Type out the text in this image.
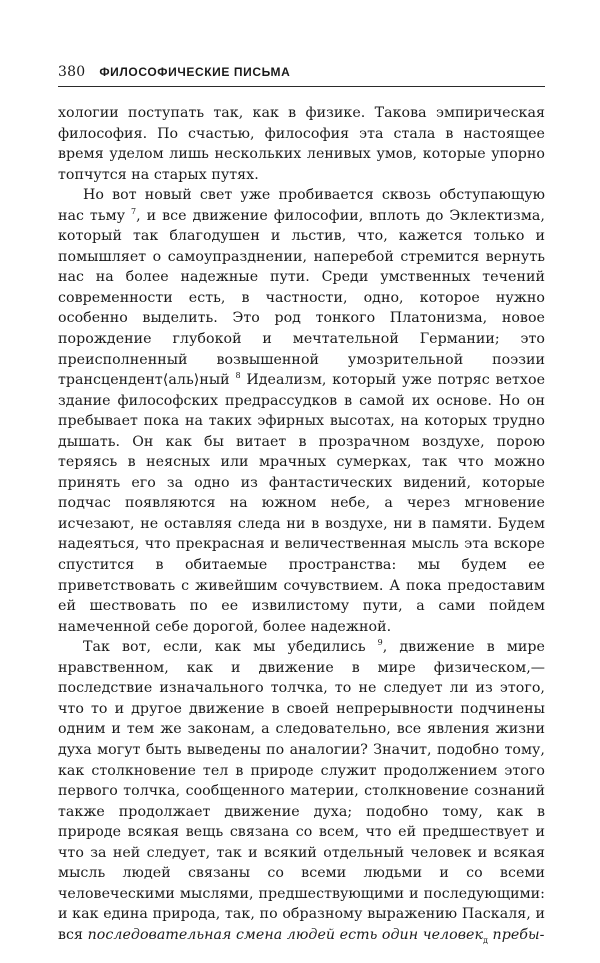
380 ФИЛОСОФИЧЕСКИЕ ПИСЬМА

хологии поступать так, как в физике. Такова эмпирическая философия. По счастью, философия эта стала в настоящее время уделом лишь нескольких ленивых умов, которые упорно топчутся на старых путях.

Но вот новый свет уже пробивается сквозь обступающую нас тьму $^7$, и все движение философии, вплоть до Эклектизма, который так благодушен и льстив, что, кажется только и помышляет о самоупразднении, наперебой стремится вернуть нас на более надежные пути. Среди умственных течений современности есть, в частности, одно, которое нужно особенно выделить. Это род тонкого Платонизма, новое порождение глубокой и мечтательной Германии; это преисполненный возвышенной умозрительной поэзии трансцендент⟨аль⟩ный $^8$ Идеализм, который уже потряс ветхое здание философских предрассудков в самой их основе. Но он пребывает пока на таких эфирных высотах, на которых трудно дышать. Он как бы витает в прозрачном воздухе, порою теряясь в неясных или мрачных сумерках, так что можно принять его за одно из фантастических видений, которые подчас появляются на южном небе, а через мгновение исчезают, не оставляя следа ни в воздухе, ни в памяти. Будем надеяться, что прекрасная и величественная мысль эта вскоре спустится в обитаемые пространства: мы будем ее приветствовать с живейшим сочувствием. А пока предоставим ей шествовать по ее извилистому пути, а сами пойдем намеченной себе дорогой, более надежной.

Так вот, если, как мы убедились $^9$, движение в мире нравственном, как и движение в мире физическом,— последствие изначального толчка, то не следует ли из этого, что то и другое движение в своей непрерывности подчинены одним и тем же законам, а следовательно, все явления жизни духа могут быть выведены по аналогии? Значит, подобно тому, как столкновение тел в природе служит продолжением этого первого толчка, сообщенного материи, столкновение сознаний также продолжает движение духа; подобно тому, как в природе всякая вещь связана со всем, что ей предшествует и что за ней следует, так и всякий отдельный человек и всякая мысль людей связаны со всеми людьми и со всеми человеческими мыслями, предшествующими и последующими: и как едина природа, так, по образному выражению Паскаля, и вся последовательная смена людей есть один человек$_д$ пребы-
